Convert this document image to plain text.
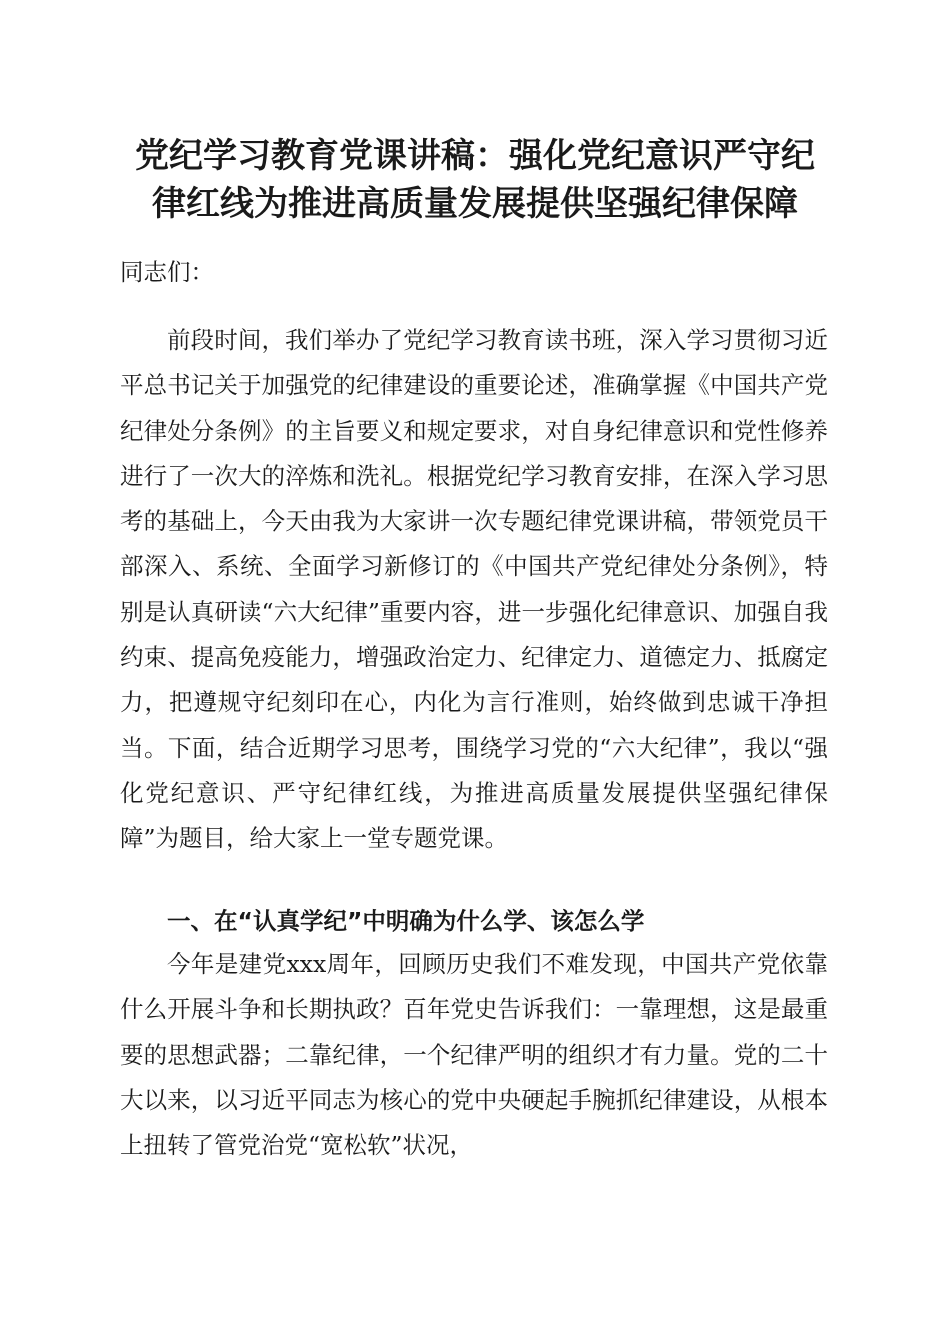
党纪学习教育党课讲稿：强化党纪意识严守纪
律红线为推进高质量发展提供坚强纪律保障
同志们：

前段时间，我们举办了党纪学习教育读书班，深入学习贯彻习近平总书记关于加强党的纪律建设的重要论述，准确掌握《中国共产党纪律处分条例》的主旨要义和规定要求，对自身纪律意识和党性修养进行了一次大的淬炼和洗礼。根据党纪学习教育安排，在深入学习思考的基础上，今天由我为大家讲一次专题纪律党课讲稿，带领党员干部深入、系统、全面学习新修订的《中国共产党纪律处分条例》，特别是认真研读“六大纪律”重要内容，进一步强化纪律意识、加强自我约束、提高免疫能力，增强政治定力、纪律定力、道德定力、抵腐定力，把遵规守纪刻印在心，内化为言行准则，始终做到忠诚干净担当。下面，结合近期学习思考，围绕学习党的“六大纪律”，我以“强化党纪意识、严守纪律红线，为推进高质量发展提供坚强纪律保障”为题目，给大家上一堂专题党课。

一、在“认真学纪”中明确为什么学、该怎么学

今年是建党xxx周年，回顾历史我们不难发现，中国共产党依靠什么开展斗争和长期执政？百年党史告诉我们：一靠理想，这是最重要的思想武器；二靠纪律，一个纪律严明的组织才有力量。党的二十大以来，以习近平同志为核心的党中央硬起手腕抓纪律建设，从根本上扭转了管党治党“宽松软”状况，
